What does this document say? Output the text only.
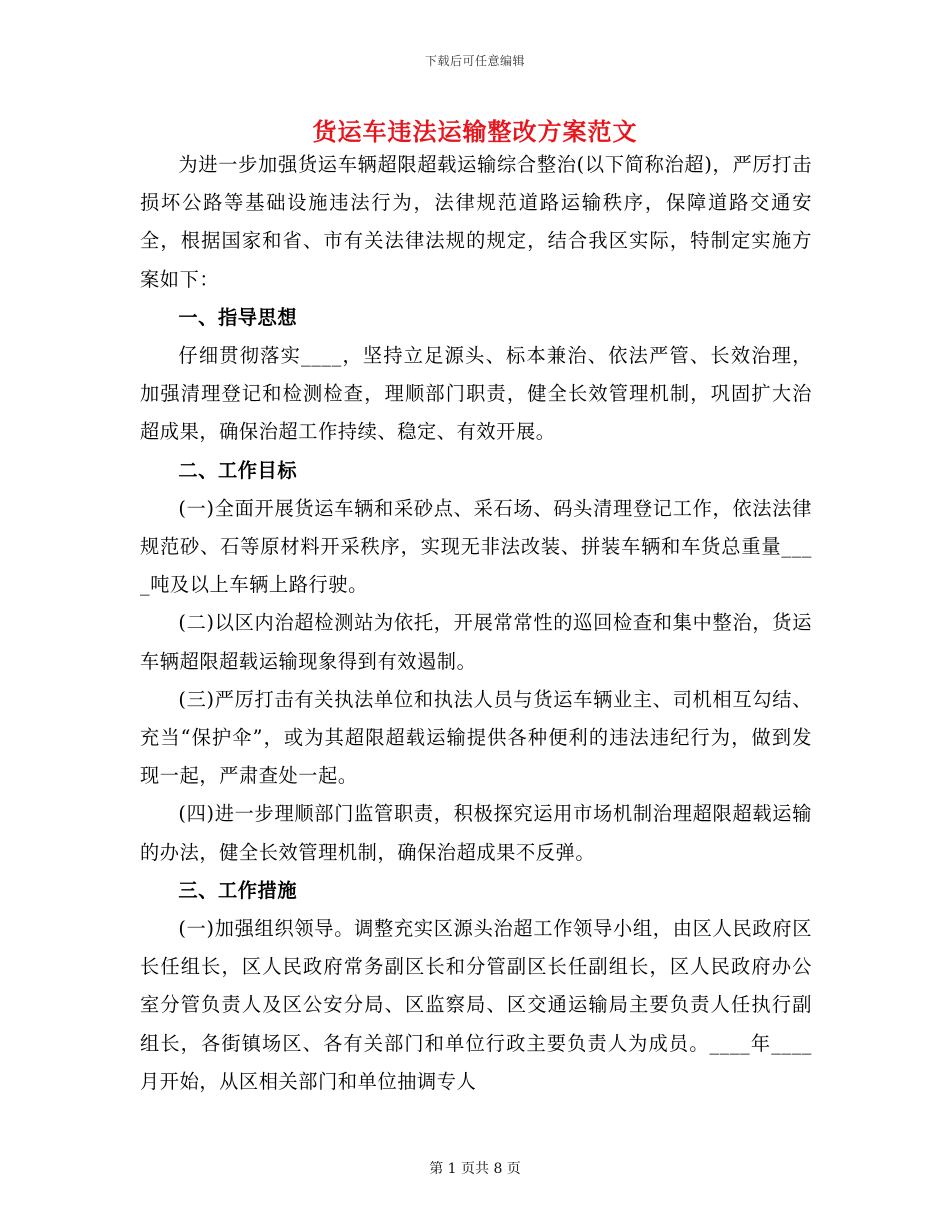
下载后可任意编辑
货运车违法运输整改方案范文

为进一步加强货运车辆超限超载运输综合整治(以下简称治超)，严厉打击损坏公路等基础设施违法行为，法律规范道路运输秩序，保障道路交通安全，根据国家和省、市有关法律法规的规定，结合我区实际，特制定实施方案如下：

一、指导思想

仔细贯彻落实____，坚持立足源头、标本兼治、依法严管、长效治理，加强清理登记和检测检查，理顺部门职责，健全长效管理机制，巩固扩大治超成果，确保治超工作持续、稳定、有效开展。

二、工作目标

(一)全面开展货运车辆和采砂点、采石场、码头清理登记工作，依法法律规范砂、石等原材料开采秩序，实现无非法改装、拼装车辆和车货总重量____吨及以上车辆上路行驶。

(二)以区内治超检测站为依托，开展常常性的巡回检查和集中整治，货运车辆超限超载运输现象得到有效遏制。

(三)严厉打击有关执法单位和执法人员与货运车辆业主、司机相互勾结、充当“保护伞”，或为其超限超载运输提供各种便利的违法违纪行为，做到发现一起，严肃查处一起。

(四)进一步理顺部门监管职责，积极探究运用市场机制治理超限超载运输的办法，健全长效管理机制，确保治超成果不反弹。

三、工作措施

(一)加强组织领导。调整充实区源头治超工作领导小组，由区人民政府区长任组长，区人民政府常务副区长和分管副区长任副组长，区人民政府办公室分管负责人及区公安分局、区监察局、区交通运输局主要负责人任执行副组长，各街镇场区、各有关部门和单位行政主要负责人为成员。____年____月开始，从区相关部门和单位抽调专人

第 1 页共 8 页
